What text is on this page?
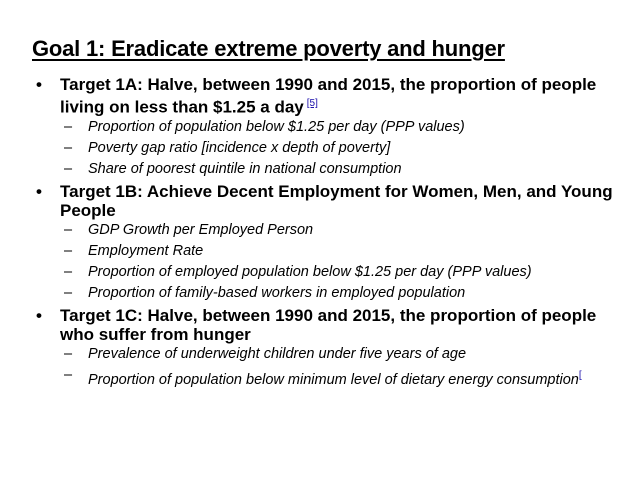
Goal 1: Eradicate extreme poverty and hunger
• Target 1A: Halve, between 1990 and 2015, the proportion of people living on less than $1.25 a day [5]
– Proportion of population below $1.25 per day (PPP values)
– Poverty gap ratio [incidence x depth of poverty]
– Share of poorest quintile in national consumption
• Target 1B: Achieve Decent Employment for Women, Men, and Young People
– GDP Growth per Employed Person
– Employment Rate
– Proportion of employed population below $1.25 per day (PPP values)
– Proportion of family-based workers in employed population
• Target 1C: Halve, between 1990 and 2015, the proportion of people who suffer from hunger
– Prevalence of underweight children under five years of age
– Proportion of population below minimum level of dietary energy consumption[
